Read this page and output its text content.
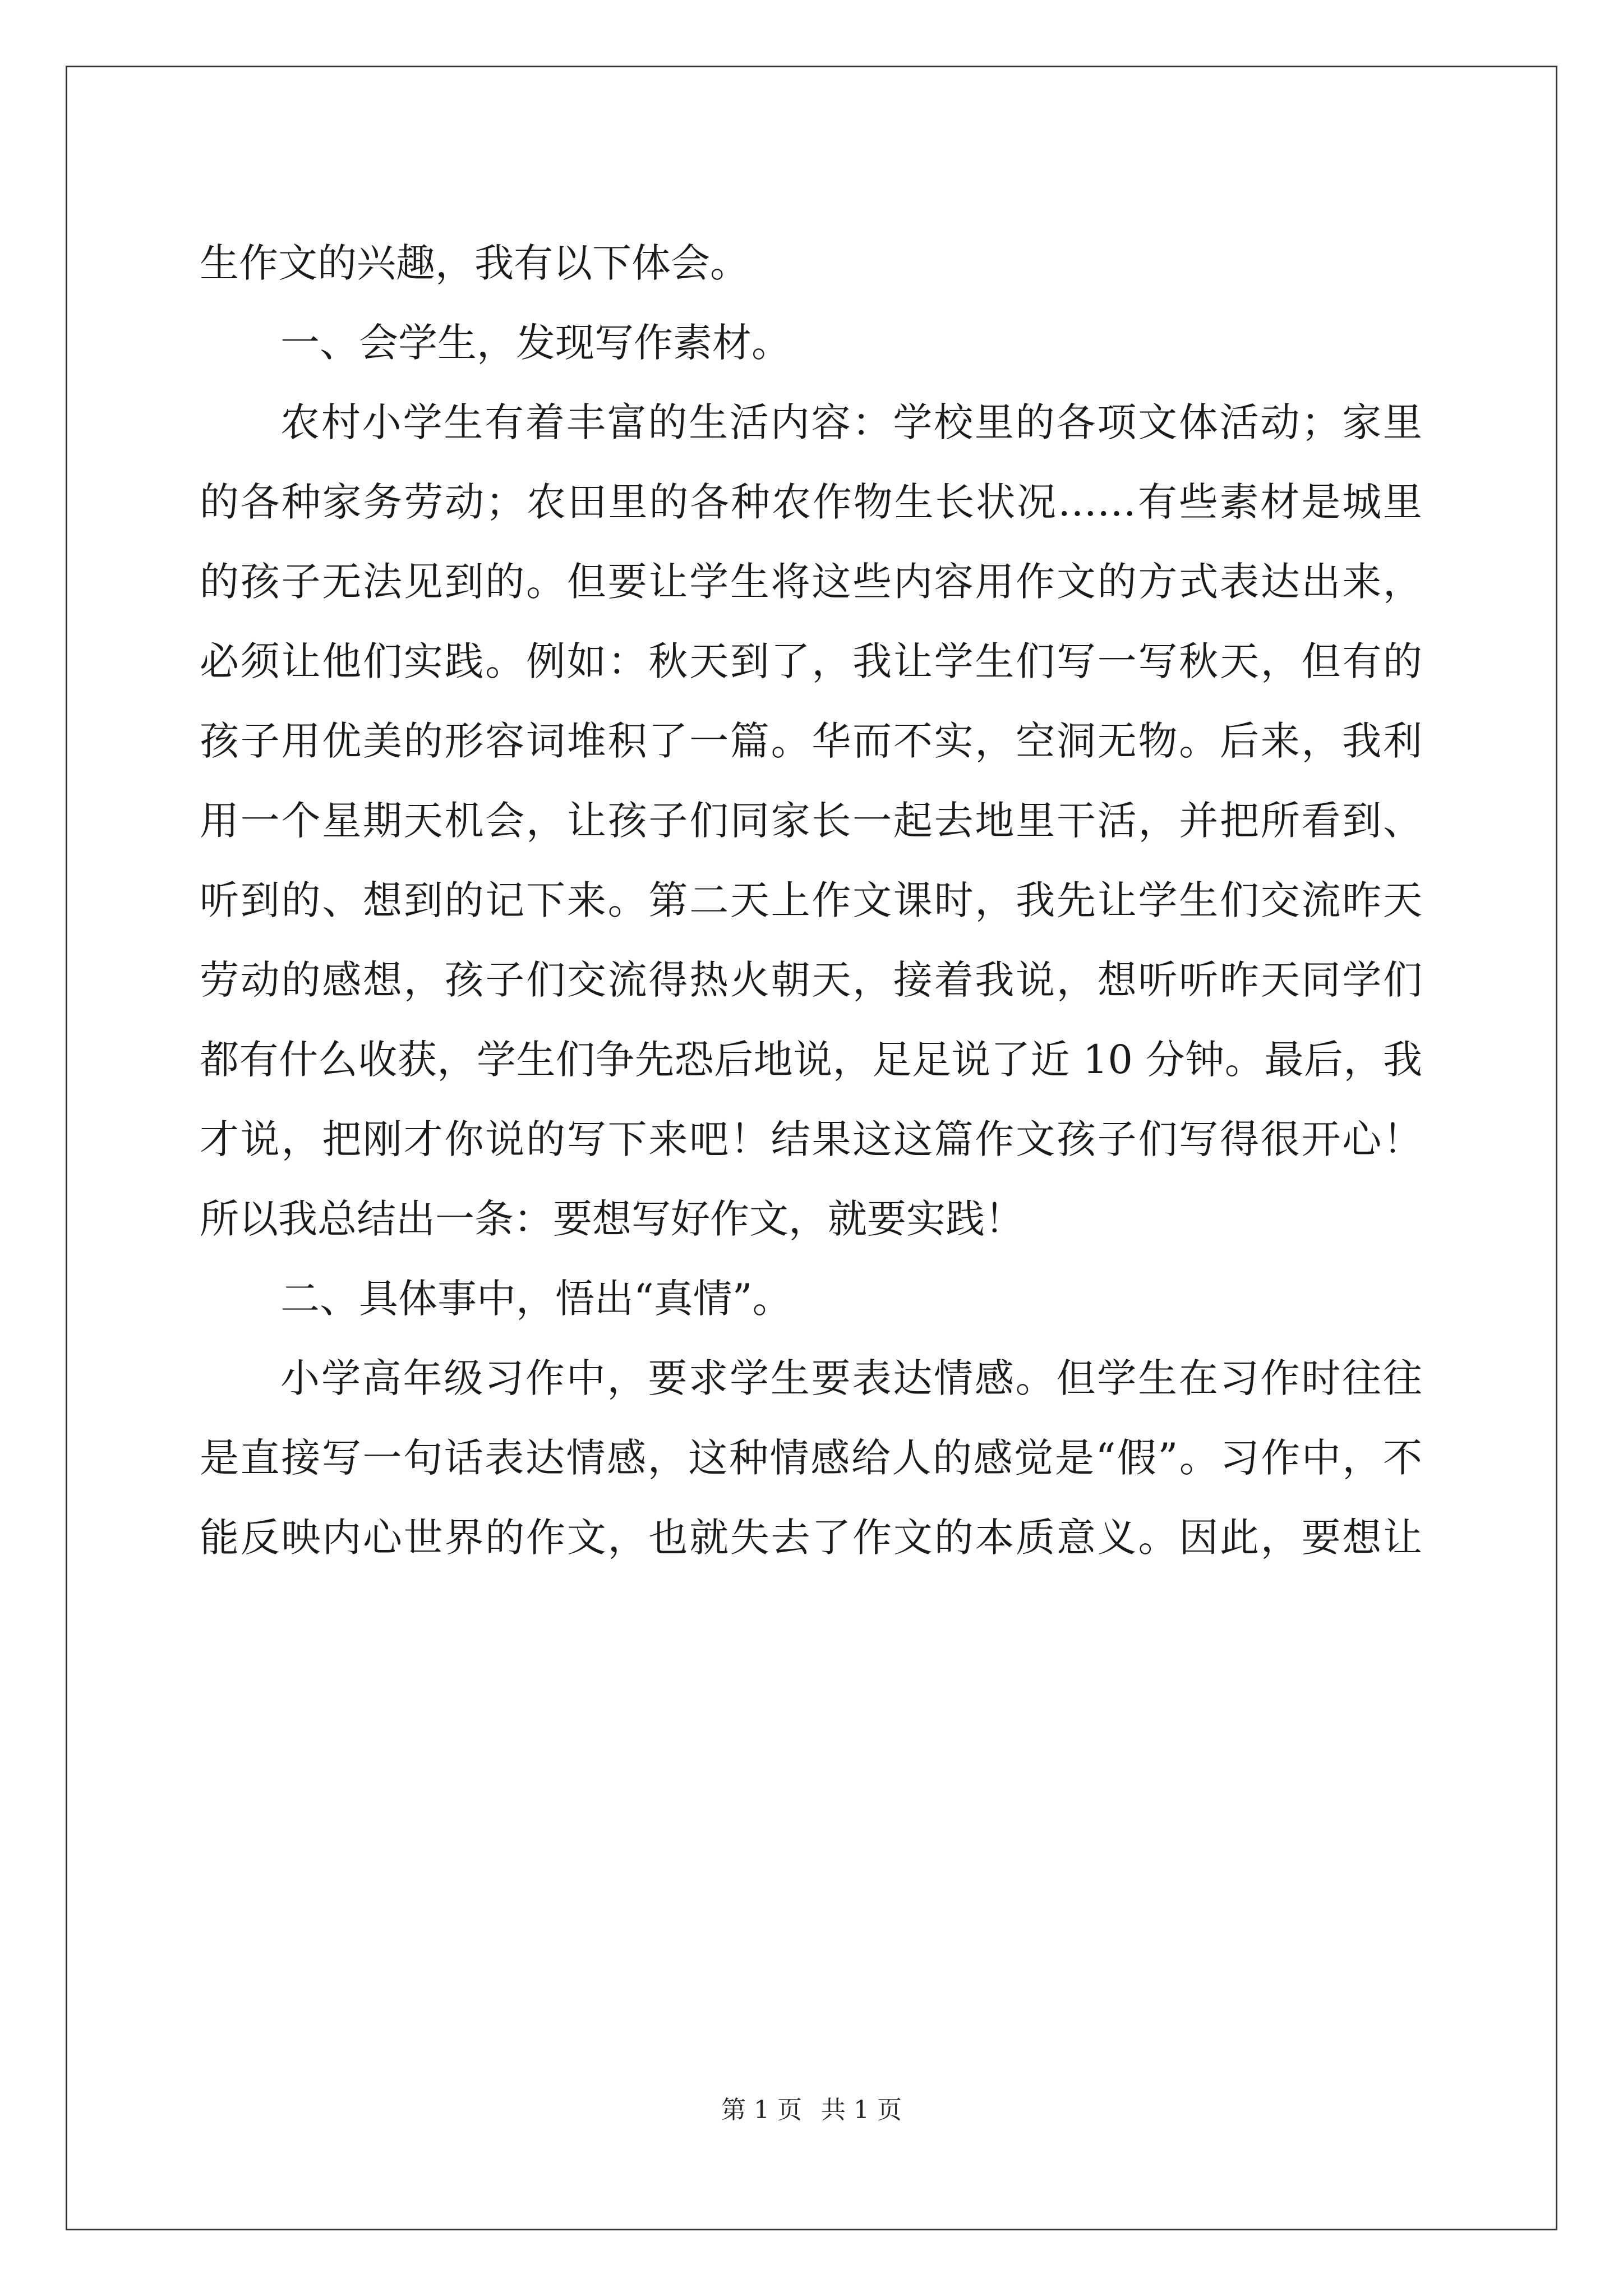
生作文的兴趣，我有以下体会。
一、会学生，发现写作素材。
农村小学生有着丰富的生活内容：学校里的各项文体活动；家里
的各种家务劳动；农田里的各种农作物生长状况……有些素材是城里
的孩子无法见到的。但要让学生将这些内容用作文的方式表达出来，
必须让他们实践。例如：秋天到了，我让学生们写一写秋天，但有的
孩子用优美的形容词堆积了一篇。华而不实，空洞无物。后来，我利
用一个星期天机会，让孩子们同家长一起去地里干活，并把所看到、
听到的、想到的记下来。第二天上作文课时，我先让学生们交流昨天
劳动的感想，孩子们交流得热火朝天，接着我说，想听听昨天同学们
都有什么收获，学生们争先恐后地说，足足说了近 10 分钟。最后，我
才说，把刚才你说的写下来吧！结果这这篇作文孩子们写得很开心！
所以我总结出一条：要想写好作文，就要实践！
二、具体事中，悟出“真情”。
小学高年级习作中，要求学生要表达情感。但学生在习作时往往
是直接写一句话表达情感，这种情感给人的感觉是“假”。习作中，不
能反映内心世界的作文，也就失去了作文的本质意义。因此，要想让
第 1 页 共 1 页
